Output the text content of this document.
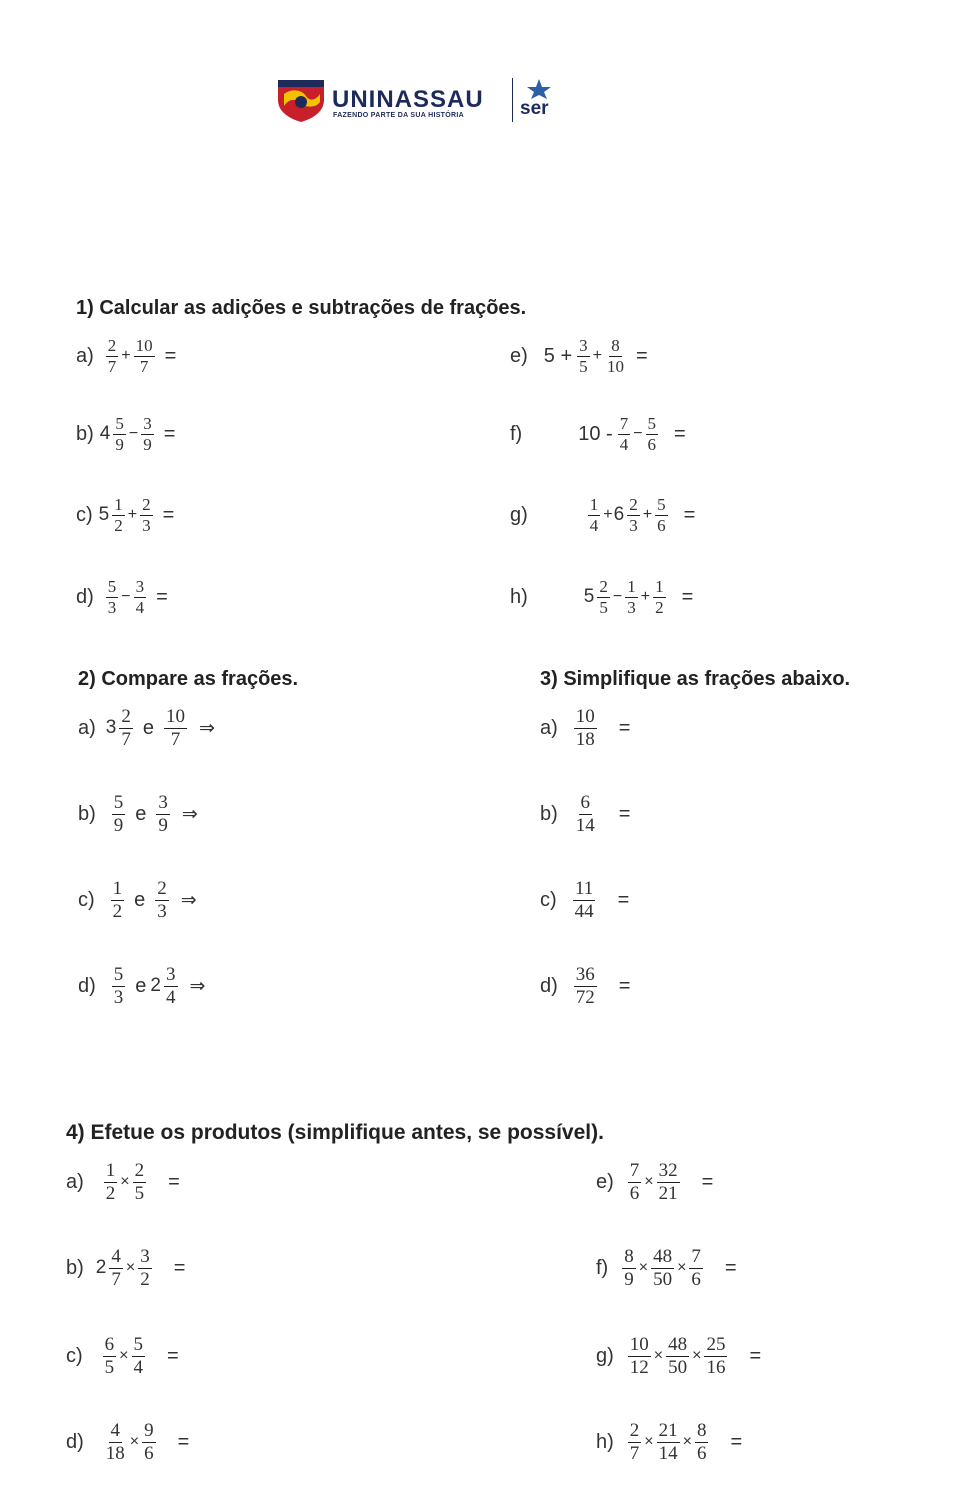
UNINASSAU
FAZENDO PARTE DA SUA HISTÓRIA	ser
1) Calcular as adições e subtrações de frações.
$a) \frac{2}{7} + \frac{10}{7}$ =
b) $4 \frac{5}{9} - \frac{3}{9}$ =
c) $5 \frac{1}{2} + \frac{2}{3}$ =
$d) \frac{5}{3} - \frac{3}{4}$ =
e) $5 + \frac{3}{5} + \frac{8}{10}$ =
f)	$10 - \frac{7}{4} - \frac{5}{6}$ =
g)	$\frac{1}{4} + 6 \frac{2}{3} + \frac{5}{6}$ =
h)	$5 \frac{2}{5} - \frac{1}{3} + \frac{1}{2}$ =
2) Compare as frações.
a) $3 \frac{2}{7}$ e $\frac{10}{7}$ ⇒
$b) \frac{5}{9}$ e $\frac{3}{9}$ ⇒
$c) \frac{1}{2}$ e $\frac{2}{3}$ ⇒
$d) \frac{5}{3}$ e $2 \frac{3}{4}$ ⇒
3) Simplifique as frações abaixo.
$a) \frac{10}{18}$ =
$b) \frac{6}{14}$ =
$c) \frac{11}{44}$ =
$d) \frac{36}{72}$ =
4) Efetue os produtos (simplifique antes, se possível).
$a) \frac{1}{2} \times \frac{2}{5}$ =
b) $2 \frac{4}{7} \times \frac{3}{2}$ =
$c) \frac{6}{5} \times \frac{5}{4}$ =
$d) \frac{4}{18} \times \frac{9}{6}$ =
$e) \frac{7}{6} \times \frac{32}{21}$ =
$f) \frac{8}{9} \times \frac{48}{50} \times \frac{7}{6}$ =
$g) \frac{10}{12} \times \frac{48}{50} \times \frac{25}{16}$ =
$h) \frac{2}{7} \times \frac{21}{14} \times \frac{8}{6}$ =
